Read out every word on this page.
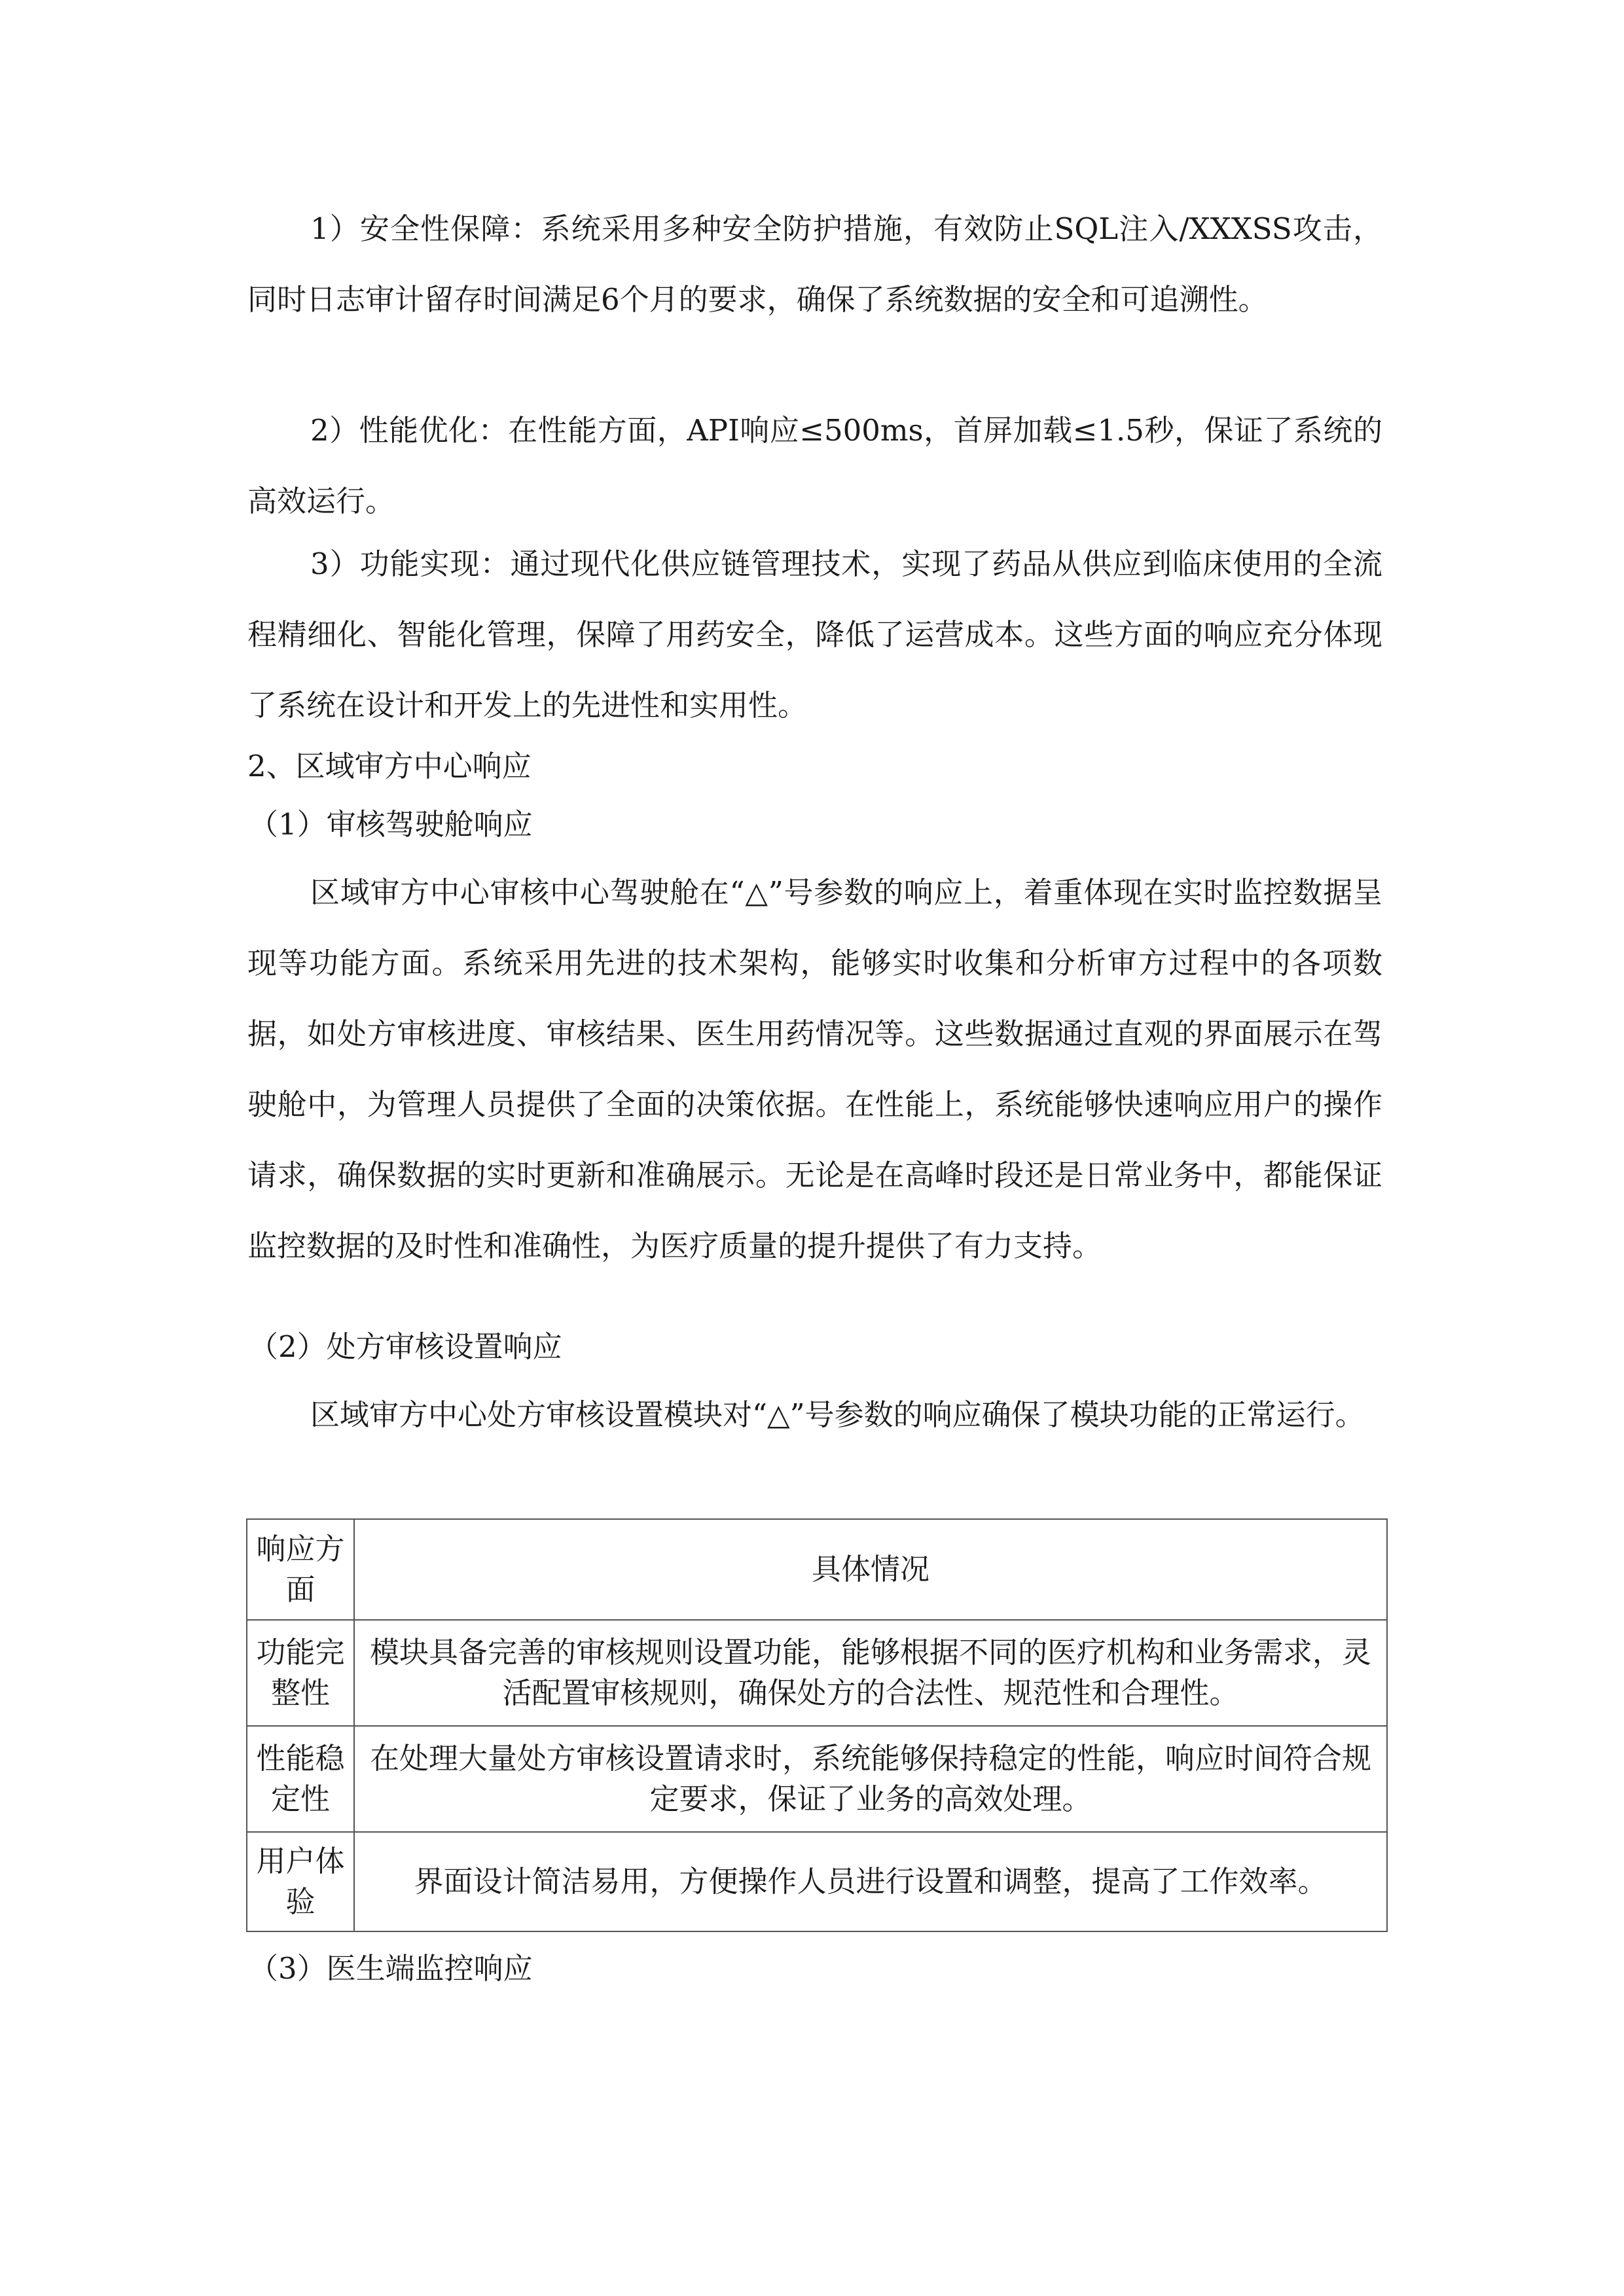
1）安全性保障：系统采用多种安全防护措施，有效防止SQL注入/XXXSS攻击，同时日志审计留存时间满足6个月的要求，确保了系统数据的安全和可追溯性。

2）性能优化：在性能方面，API响应≤500ms，首屏加载≤1.5秒，保证了系统的高效运行。

3）功能实现：通过现代化供应链管理技术，实现了药品从供应到临床使用的全流程精细化、智能化管理，保障了用药安全，降低了运营成本。这些方面的响应充分体现了系统在设计和开发上的先进性和实用性。

2、区域审方中心响应
（1）审核驾驶舱响应

区域审方中心审核中心驾驶舱在“△”号参数的响应上，着重体现在实时监控数据呈现等功能方面。系统采用先进的技术架构，能够实时收集和分析审方过程中的各项数据，如处方审核进度、审核结果、医生用药情况等。这些数据通过直观的界面展示在驾驶舱中，为管理人员提供了全面的决策依据。在性能上，系统能够快速响应用户的操作请求，确保数据的实时更新和准确展示。无论是在高峰时段还是日常业务中，都能保证监控数据的及时性和准确性，为医疗质量的提升提供了有力支持。

（2）处方审核设置响应

区域审方中心处方审核设置模块对“△”号参数的响应确保了模块功能的正常运行。

响应方面	具体情况
功能完整性	模块具备完善的审核规则设置功能，能够根据不同的医疗机构和业务需求，灵活配置审核规则，确保处方的合法性、规范性和合理性。
性能稳定性	在处理大量处方审核设置请求时，系统能够保持稳定的性能，响应时间符合规定要求，保证了业务的高效处理。
用户体验	界面设计简洁易用，方便操作人员进行设置和调整，提高了工作效率。
（3）医生端监控响应
